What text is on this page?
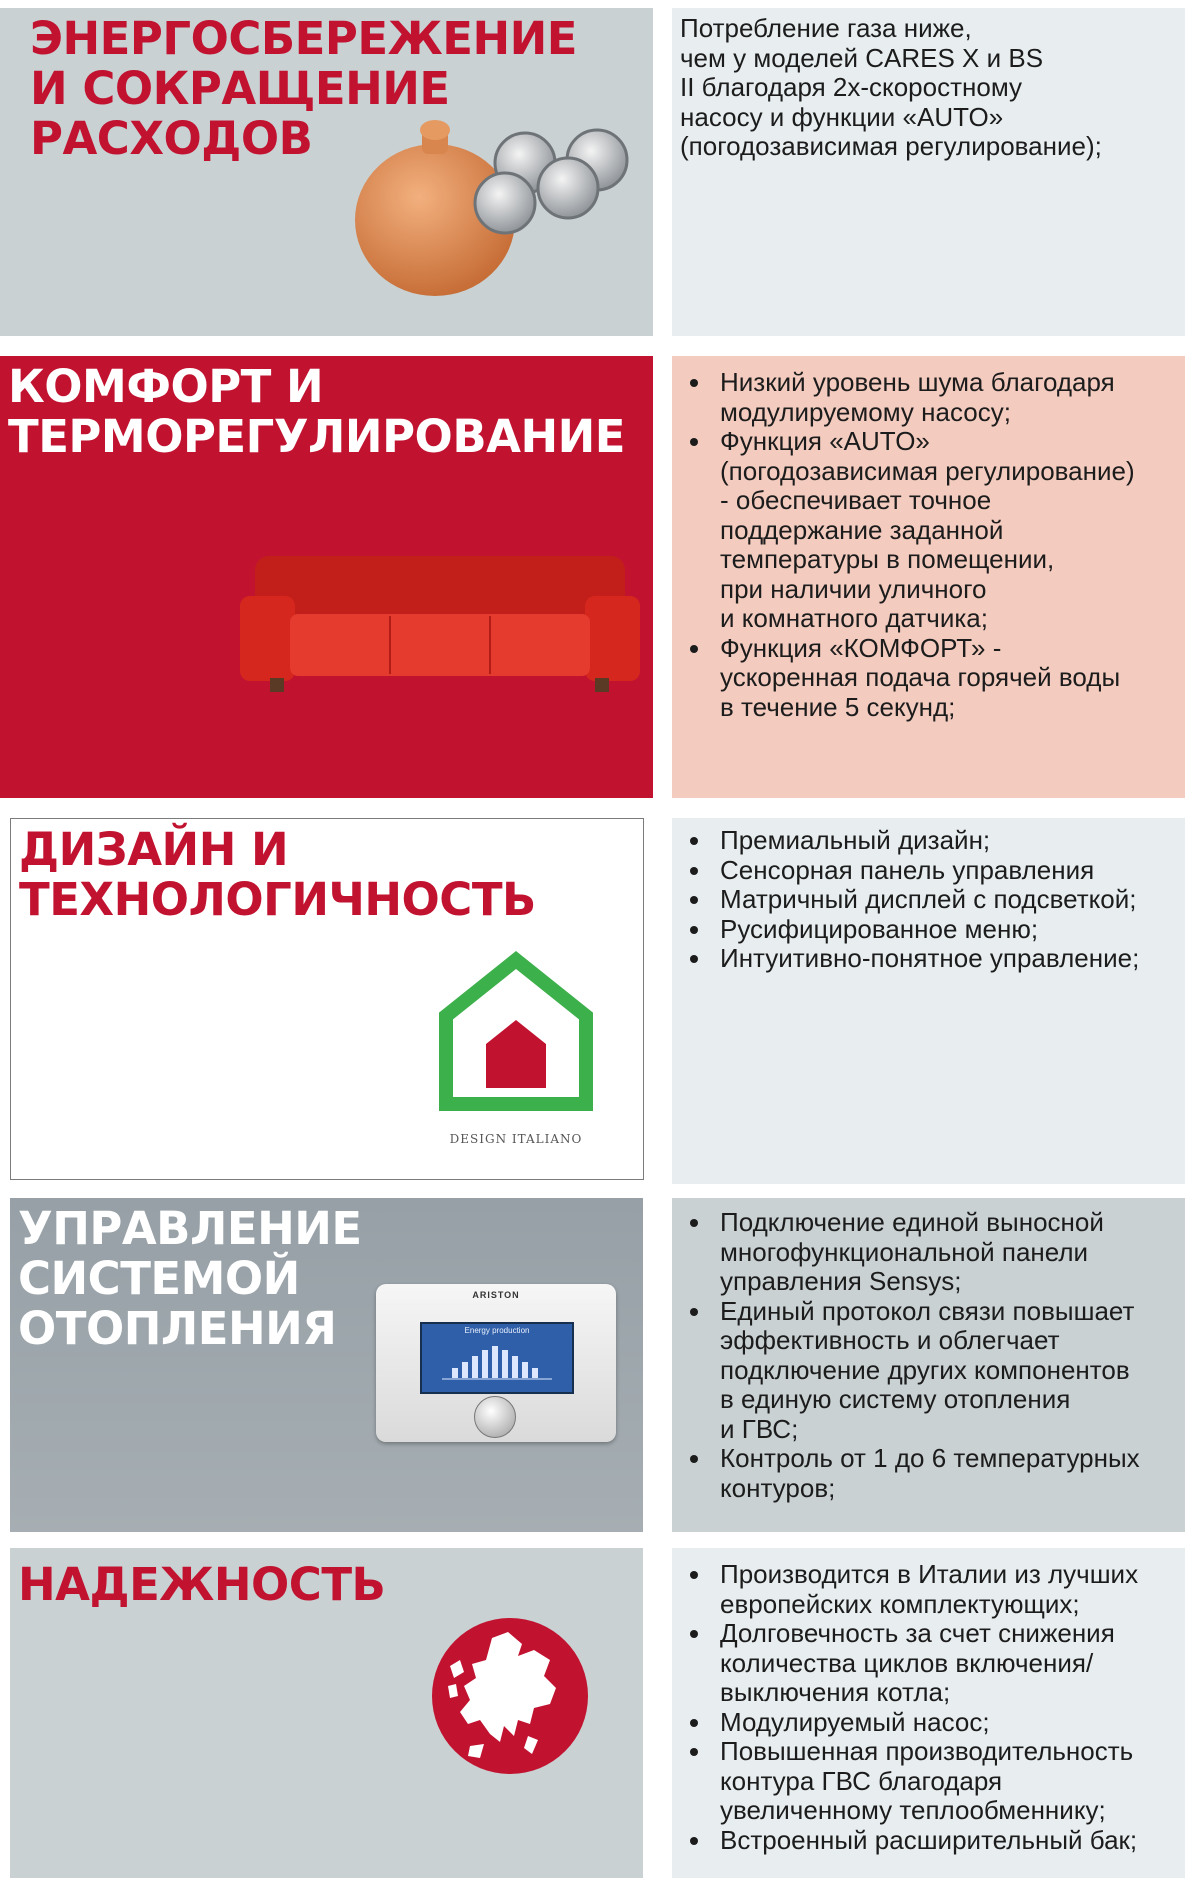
ЭНЕРГОСБЕРЕЖЕНИЕ
И СОКРАЩЕНИЕ
РАСХОДОВ
Потребление газа ниже,
чем у моделей CARES X и BS
II благодаря 2х-скоростному
насосу и функции «AUTO»
(погодозависимая регулирование);
КОМФОРТ И
ТЕРМОРЕГУЛИРОВАНИЕ
Низкий уровень шума благодаря
модулируемому насосу;
Функция «AUTO»
(погодозависимая регулирование)
- обеспечивает точное
поддержание заданной
температуры в помещении,
при наличии уличного
и комнатного датчика;
Функция «КОМФОРТ» -
ускоренная подача горячей воды
в течение 5 секунд;
ДИЗАЙН И
ТЕХНОЛОГИЧНОСТЬ
DESIGN ITALIANO
Премиальный дизайн;
Сенсорная панель управления
Матричный дисплей с подсветкой;
Русифицированное меню;
Интуитивно-понятное управление;
УПРАВЛЕНИЕ
СИСТЕМОЙ
ОТОПЛЕНИЯ
ARISTON
Energy production
Подключение единой выносной
многофункциональной панели
управления Sensys;
Единый протокол связи повышает
эффективность и облегчает
подключение других компонентов
в единую систему отопления
и ГВС;
Контроль от 1 до 6 температурных
контуров;
НАДЕЖНОСТЬ	Производится в Италии из лучших
европейских комплектующих;
Долговечность за счет снижения
количества циклов включения/
выключения котла;
Модулируемый насос;
Повышенная производительность
контура ГВС благодаря
увеличенному теплообменнику;
Встроенный расширительный бак;
